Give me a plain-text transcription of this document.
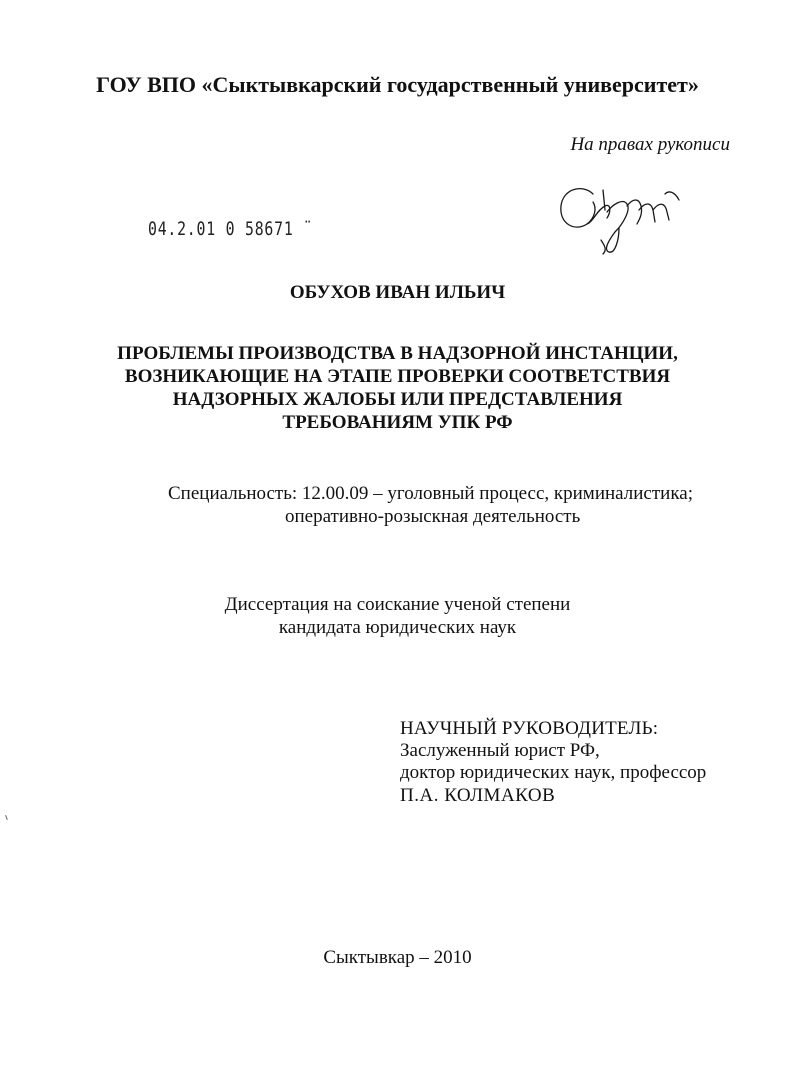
ГОУ ВПО «Сыктывкарский государственный университет»
На правах рукописи
04.2.01 0 58671 ¨
ОБУХОВ ИВАН ИЛЬИЧ
ПРОБЛЕМЫ ПРОИЗВОДСТВА В НАДЗОРНОЙ ИНСТАНЦИИ,
ВОЗНИКАЮЩИЕ НА ЭТАПЕ ПРОВЕРКИ СООТВЕТСТВИЯ
НАДЗОРНЫХ ЖАЛОБЫ ИЛИ ПРЕДСТАВЛЕНИЯ
ТРЕБОВАНИЯМ УПК РФ
Специальность: 12.00.09 – уголовный процесс, криминалистика;
оперативно-розыскная деятельность
Диссертация на соискание ученой степени
кандидата юридических наук
НАУЧНЫЙ РУКОВОДИТЕЛЬ:
Заслуженный юрист РФ,
доктор юридических наук, профессор
П.А. КОЛМАКОВ
Сыктывкар – 2010
